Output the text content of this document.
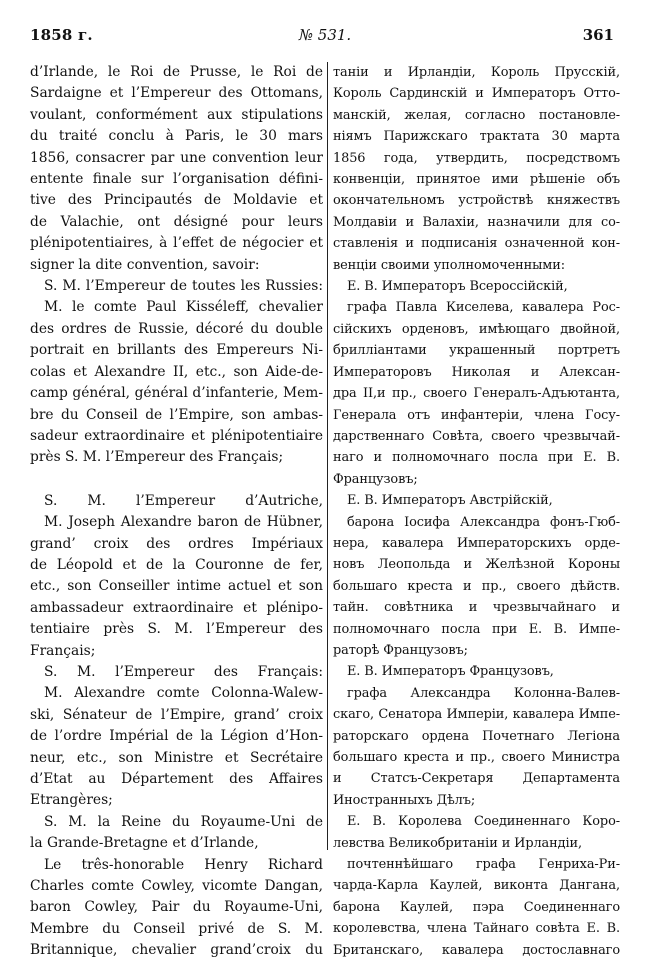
№ 531.
1858 г.	361

d’Irlande, le Roi de Prusse, le Roi de

Sardaigne et l’Empereur des Ottomans,

voulant, conformément aux stipulations

du traité conclu à Paris, le 30 mars

1856, consacrer par une convention leur

entente finale sur l’organisation défini-

tive des Principautés de Moldavie et

de Valachie, ont désigné pour leurs

plénipotentiaires, à l’effet de négocier et

signer la dite convention, savoir:

S. M. l’Empereur de toutes les Russies:

M. le comte Paul Kisséleff, chevalier

des ordres de Russie, décoré du double

portrait en brillants des Empereurs Ni-

colas et Alexandre II, etc., son Aide-de-

camp général, général d’infanterie, Mem-

bre du Conseil de l’Empire, son ambas-

sadeur extraordinaire et plénipotentiaire

près S. M. l’Empereur des Français;

S. M. l’Empereur d’Autriche,

M. Joseph Alexandre baron de Hübner,

grand’ croix des ordres Impériaux

de Léopold et de la Couronne de fer,

etc., son Conseiller intime actuel et son

ambassadeur extraordinaire et plénipo-

tentiaire près S. M. l’Empereur des

Français;

S. M. l’Empereur des Français:

M. Alexandre comte Colonna-Walew-

ski, Sénateur de l’Empire, grand’ croix

de l’ordre Impérial de la Légion d’Hon-

neur, etc., son Ministre et Secrétaire

d’Etat au Département des Affaires

Etrangères;

S. M. la Reine du Royaume-Uni de

la Grande-Bretagne et d’Irlande,

Le três-honorable Henry Richard

Charles comte Cowley, vicomte Dangan,

baron Cowley, Pair du Royaume-Uni,

Membre du Conseil privé de S. M.

Britannique, chevalier grand’croix du

таніи и Ирландіи, Король Прусскій,

Король Сардинскій и Императоръ Отто-

манскій, желая, согласно постановле-

ніямъ Парижскаго трактата 30 марта

1856 года, утвердить, посредствомъ

конвенціи, принятое ими рѣшеніе объ

окончательномъ устройствѣ княжествъ

Молдавіи и Валахіи, назначили для со-

ставленія и подписанія означенной кон-

венціи своими уполномоченными:

Е. В. Императоръ Всероссійскій,

графа Павла Киселева, кавалера Рос-

сійскихъ орденовъ, имѣющаго двойной,

бриллiантами украшенный портретъ

Императоровъ Николая и Алексан-

дра II,и пр., своего Генералъ-Адъютанта,

Генерала отъ инфантеріи, члена Госу-

дарственнаго Совѣта, своего чрезвычай-

наго и полномочнаго посла при Е. В.

Французовъ;

Е. В. Императоръ Австрійскій,

барона Іосифа Александра фонъ-Гюб-

нера, кавалера Императорскихъ орде-

новъ Леопольда и Желѣзной Короны

большаго креста и пр., своего дѣйств.

тайн. совѣтника и чрезвычайнаго и

полномочнаго посла при Е. В. Импе-

раторѣ Французовъ;

Е. В. Императоръ Французовъ,

графа Александра Колонна-Валев-

скаго, Сенатора Имперіи, кавалера Импе-

раторскаго ордена Почетнаго Легіона

большаго креста и пр., своего Министра

и Статсъ-Секретаря Департамента

Иностранныхъ Дѣлъ;

Е. В. Королева Соединеннаго Коро-

левства Великобританіи и Ирландіи,

почтеннѣйшаго графа Генриха-Ри-

чарда-Карла Каулей, виконта Дангана,

барона Каулей, пэра Соединеннаго

королевства, члена Тайнаго совѣта Е. В.

Британскаго, кавалера достославнаго
